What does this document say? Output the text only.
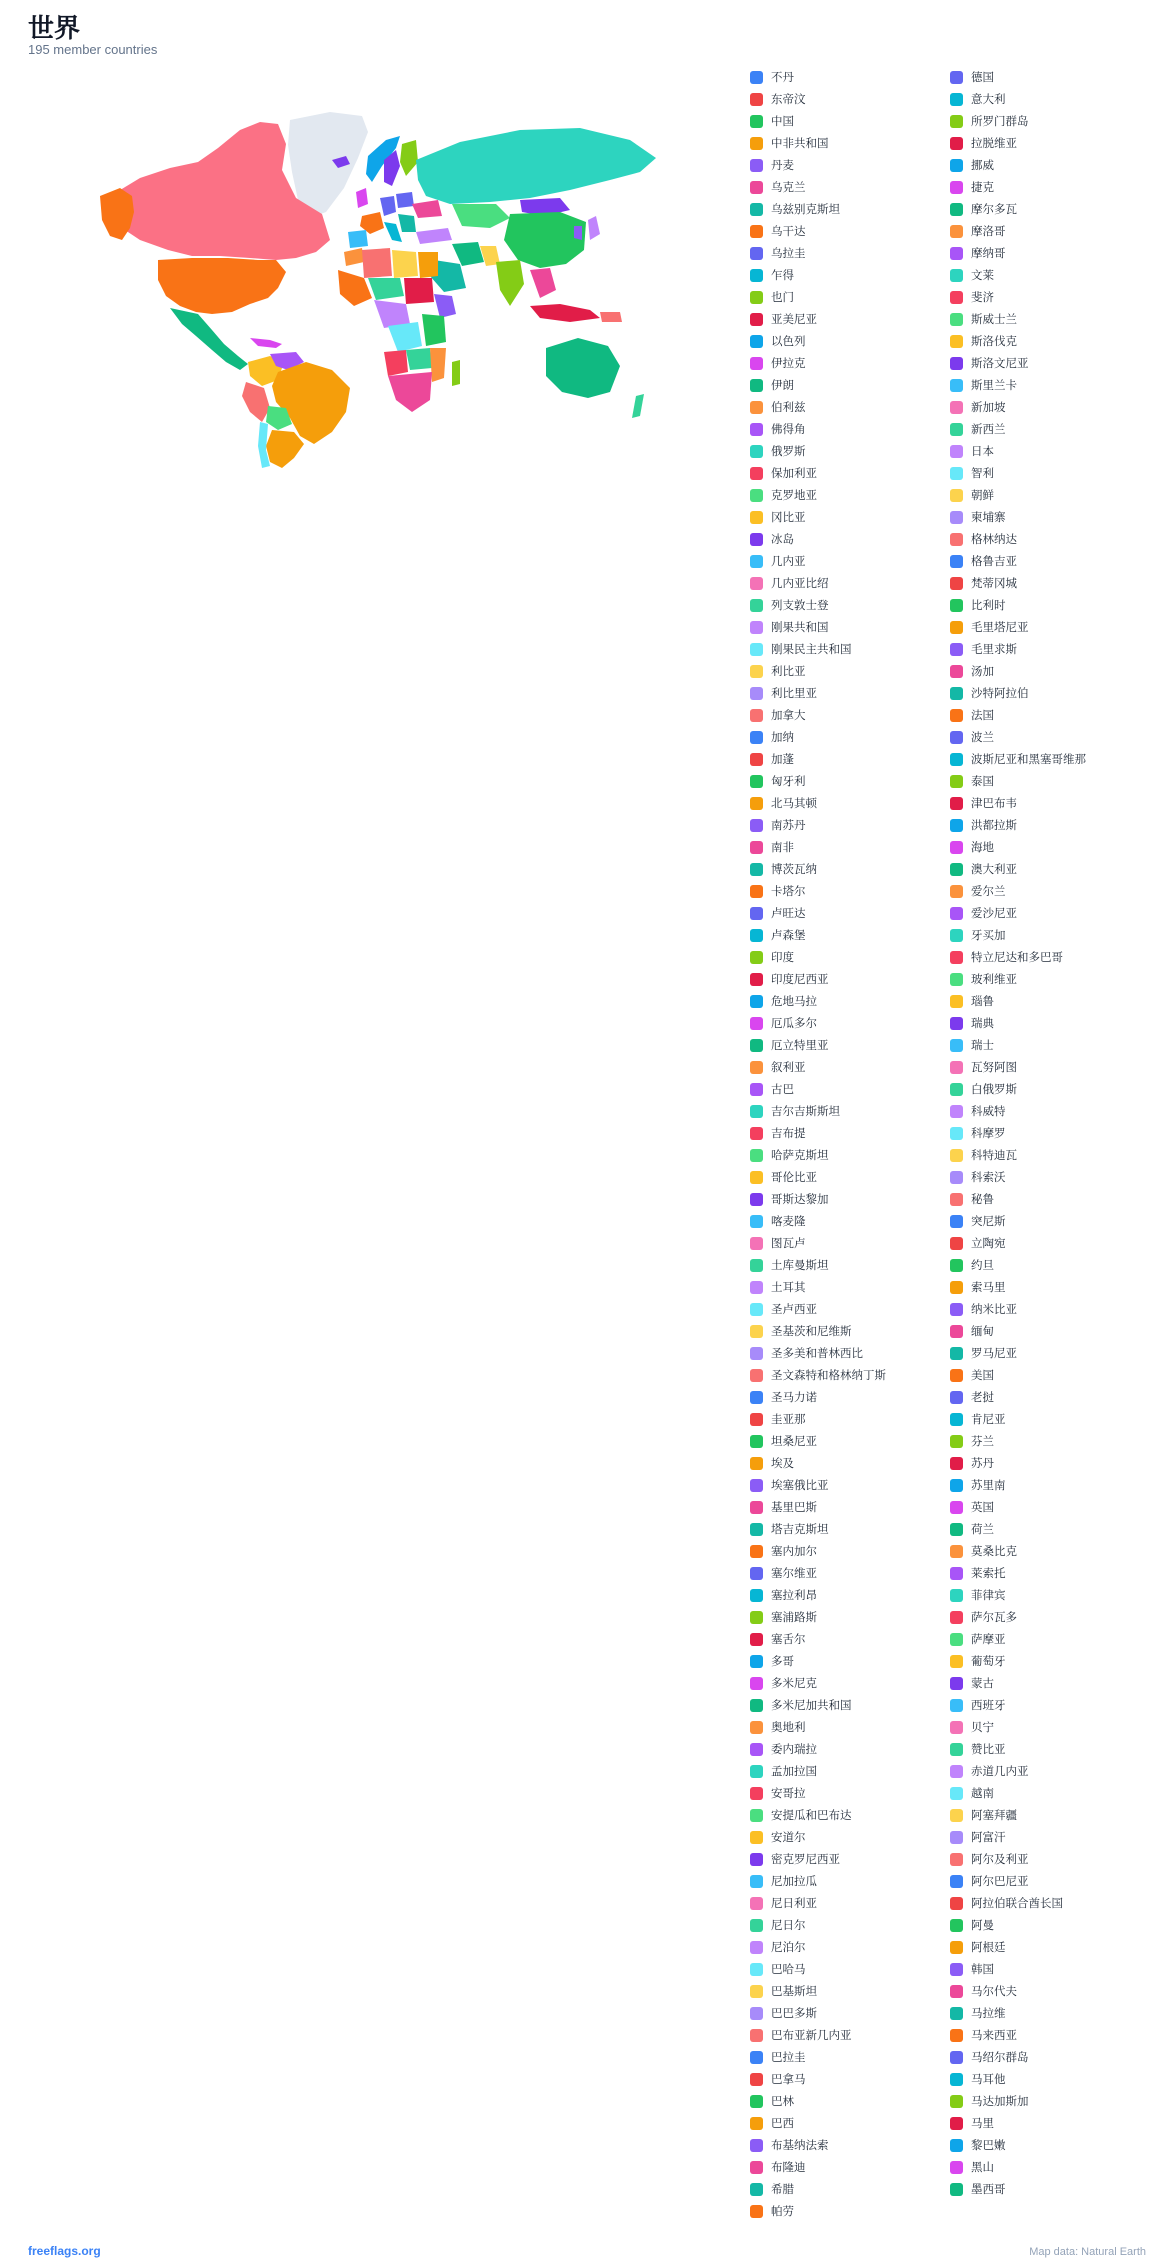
世界
195 member countries
不丹
东帝汶
中国
中非共和国
丹麦
乌克兰
乌兹别克斯坦
乌干达
乌拉圭
乍得
也门
亚美尼亚
以色列
伊拉克
伊朗
伯利兹
佛得角
俄罗斯
保加利亚
克罗地亚
冈比亚
冰岛
几内亚
几内亚比绍
列支敦士登
刚果共和国
刚果民主共和国
利比亚
利比里亚
加拿大
加纳
加蓬
匈牙利
北马其顿
南苏丹
南非
博茨瓦纳
卡塔尔
卢旺达
卢森堡
印度
印度尼西亚
危地马拉
厄瓜多尔
厄立特里亚
叙利亚
古巴
吉尔吉斯斯坦
吉布提
哈萨克斯坦
哥伦比亚
哥斯达黎加
喀麦隆
图瓦卢
土库曼斯坦
土耳其
圣卢西亚
圣基茨和尼维斯
圣多美和普林西比
圣文森特和格林纳丁斯
圣马力诺
圭亚那
坦桑尼亚
埃及
埃塞俄比亚
基里巴斯
塔吉克斯坦
塞内加尔
塞尔维亚
塞拉利昂
塞浦路斯
塞舌尔
多哥
多米尼克
多米尼加共和国
奥地利
委内瑞拉
孟加拉国
安哥拉
安提瓜和巴布达
安道尔
密克罗尼西亚
尼加拉瓜
尼日利亚
尼日尔
尼泊尔
巴哈马
巴基斯坦
巴巴多斯
巴布亚新几内亚
巴拉圭
巴拿马
巴林
巴西
布基纳法索
布隆迪
希腊
帕劳
德国
意大利
所罗门群岛
拉脱维亚
挪威
捷克
摩尔多瓦
摩洛哥
摩纳哥
文莱
斐济
斯威士兰
斯洛伐克
斯洛文尼亚
斯里兰卡
新加坡
新西兰
日本
智利
朝鲜
柬埔寨
格林纳达
格鲁吉亚
梵蒂冈城
比利时
毛里塔尼亚
毛里求斯
汤加
沙特阿拉伯
法国
波兰
波斯尼亚和黑塞哥维那
泰国
津巴布韦
洪都拉斯
海地
澳大利亚
爱尔兰
爱沙尼亚
牙买加
特立尼达和多巴哥
玻利维亚
瑙鲁
瑞典
瑞士
瓦努阿图
白俄罗斯
科威特
科摩罗
科特迪瓦
科索沃
秘鲁
突尼斯
立陶宛
约旦
索马里
纳米比亚
缅甸
罗马尼亚
美国
老挝
肯尼亚
芬兰
苏丹
苏里南
英国
荷兰
莫桑比克
莱索托
菲律宾
萨尔瓦多
萨摩亚
葡萄牙
蒙古
西班牙
贝宁
赞比亚
赤道几内亚
越南
阿塞拜疆
阿富汗
阿尔及利亚
阿尔巴尼亚
阿拉伯联合酋长国
阿曼
阿根廷
韩国
马尔代夫
马拉维
马来西亚
马绍尔群岛
马耳他
马达加斯加
马里
黎巴嫩
黑山
墨西哥
freeflags.org	Map data: Natural Earth
